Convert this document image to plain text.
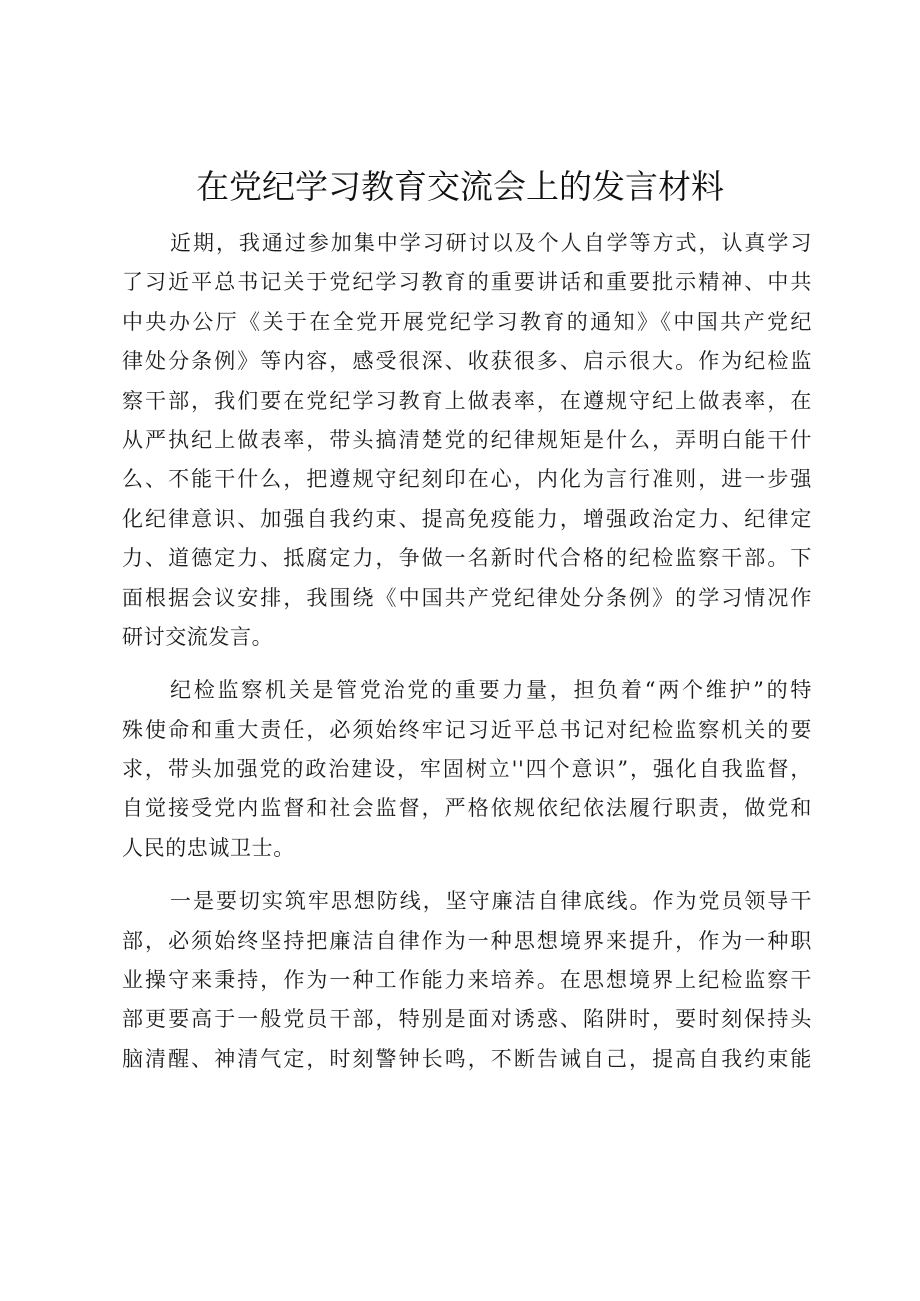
在党纪学习教育交流会上的发言材料
近期，我通过参加集中学习研讨以及个人自学等方式，认真学习
了习近平总书记关于党纪学习教育的重要讲话和重要批示精神、中共
中央办公厅《关于在全党开展党纪学习教育的通知》《中国共产党纪
律处分条例》等内容，感受很深、收获很多、启示很大。作为纪检监
察干部，我们要在党纪学习教育上做表率，在遵规守纪上做表率，在
从严执纪上做表率，带头搞清楚党的纪律规矩是什么，弄明白能干什
么、不能干什么，把遵规守纪刻印在心，内化为言行准则，进一步强
化纪律意识、加强自我约束、提高免疫能力，增强政治定力、纪律定
力、道德定力、抵腐定力，争做一名新时代合格的纪检监察干部。下
面根据会议安排，我围绕《中国共产党纪律处分条例》的学习情况作
研讨交流发言。
纪检监察机关是管党治党的重要力量，担负着“两个维护”的特
殊使命和重大责任，必须始终牢记习近平总书记对纪检监察机关的要
求，带头加强党的政治建设，牢固树立''四个意识”，强化自我监督，
自觉接受党内监督和社会监督，严格依规依纪依法履行职责，做党和
人民的忠诚卫士。
一是要切实筑牢思想防线，坚守廉洁自律底线。作为党员领导干
部，必须始终坚持把廉洁自律作为一种思想境界来提升，作为一种职
业操守来秉持，作为一种工作能力来培养。在思想境界上纪检监察干
部更要高于一般党员干部，特别是面对诱惑、陷阱时，要时刻保持头
脑清醒、神清气定，时刻警钟长鸣，不断告诫自己，提高自我约束能
